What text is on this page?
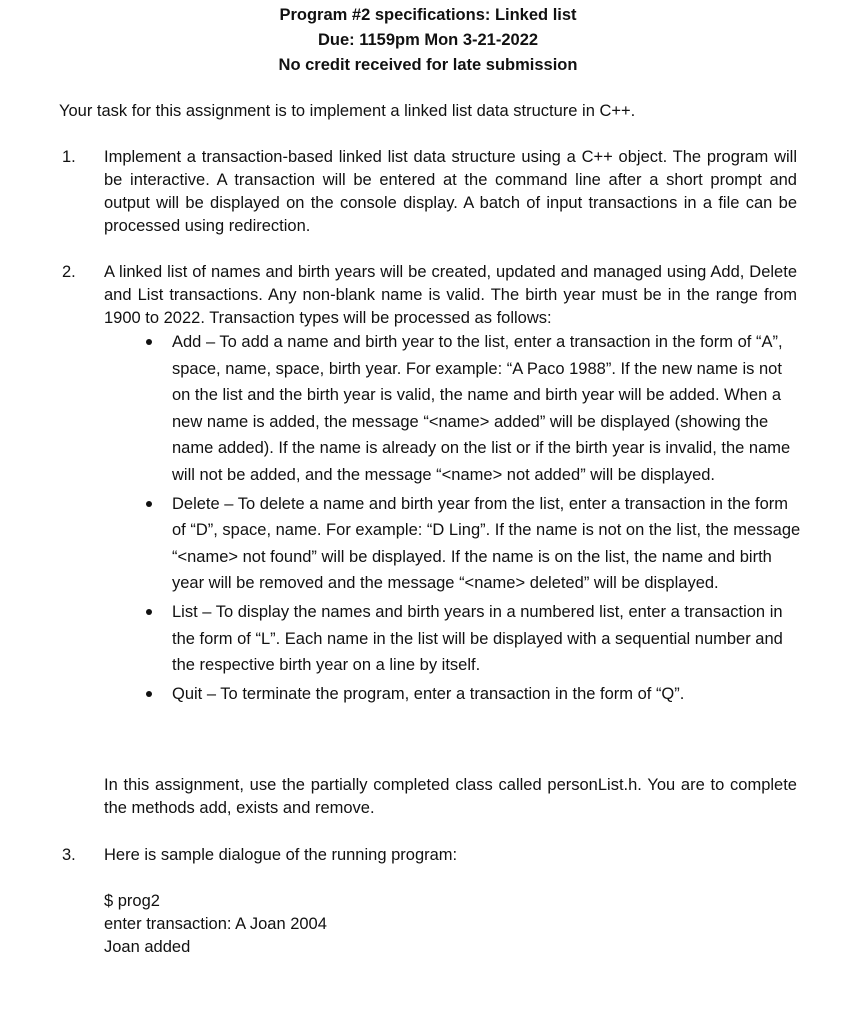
Program #2 specifications: Linked list
Due: 1159pm Mon 3-21-2022
No credit received for late submission
Your task for this assignment is to implement a linked list data structure in C++.
1. Implement a transaction-based linked list data structure using a C++ object. The program will be interactive. A transaction will be entered at the command line after a short prompt and output will be displayed on the console display. A batch of input transactions in a file can be processed using redirection.
2. A linked list of names and birth years will be created, updated and managed using Add, Delete and List transactions. Any non-blank name is valid. The birth year must be in the range from 1900 to 2022. Transaction types will be processed as follows:
Add – To add a name and birth year to the list, enter a transaction in the form of “A”, space, name, space, birth year. For example: “A Paco 1988”. If the new name is not on the list and the birth year is valid, the name and birth year will be added. When a new name is added, the message “<name> added” will be displayed (showing the name added). If the name is already on the list or if the birth year is invalid, the name will not be added, and the message “<name> not added” will be displayed.
Delete – To delete a name and birth year from the list, enter a transaction in the form of “D”, space, name. For example: “D Ling”. If the name is not on the list, the message “<name> not found” will be displayed. If the name is on the list, the name and birth year will be removed and the message “<name> deleted” will be displayed.
List – To display the names and birth years in a numbered list, enter a transaction in the form of “L”. Each name in the list will be displayed with a sequential number and the respective birth year on a line by itself.
Quit – To terminate the program, enter a transaction in the form of “Q”.
In this assignment, use the partially completed class called personList.h. You are to complete the methods add, exists and remove.
3. Here is sample dialogue of the running program:
$ prog2
enter transaction: A Joan 2004
Joan added
